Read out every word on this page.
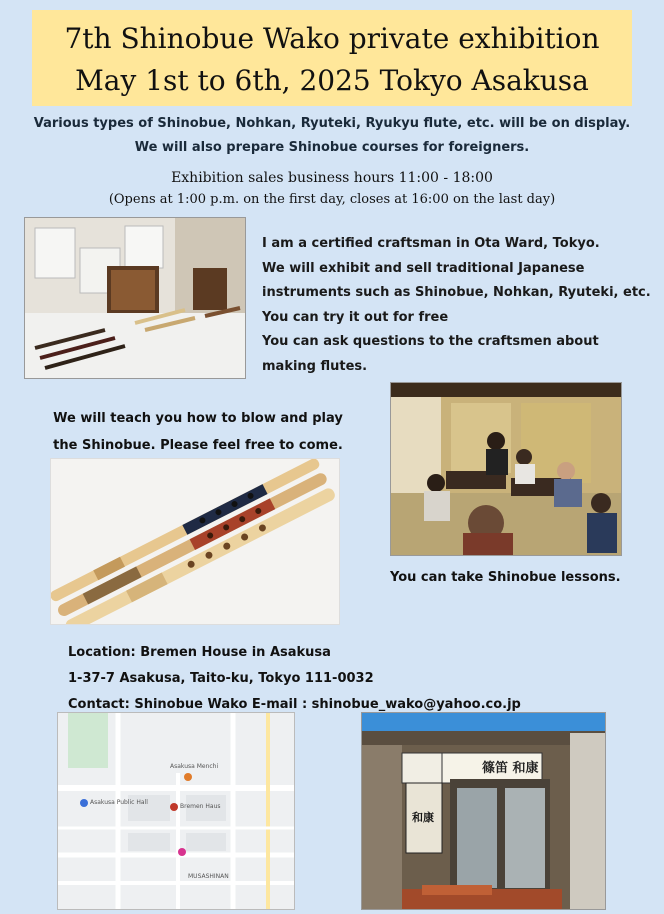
7th Shinobue Wako private exhibition
May 1st to 6th, 2025 Tokyo Asakusa
Various types of Shinobue, Nohkan, Ryuteki, Ryukyu flute, etc. will be on display.
We will also prepare Shinobue courses for foreigners.
Exhibition sales business hours 11:00 - 18:00
(Opens at 1:00 p.m. on the first day, closes at 16:00 on the last day)
I am a certified craftsman in Ota Ward, Tokyo.
We will exhibit and sell traditional Japanese
instruments such as Shinobue, Nohkan, Ryuteki, etc.
You can try it out for free
You can ask questions to the craftsmen about
making flutes.
We will teach you how to blow and play
the Shinobue. Please feel free to come.
You can take Shinobue lessons.
Location: Bremen House in Asakusa
1-37-7 Asakusa, Taito-ku, Tokyo 111-0032
Contact: Shinobue Wako E-mail : shinobue_wako@yahoo.co.jp
Asakusa Menchi
Asakusa Public Hall
Bremen Haus
MUSASHINAN
篠笛 和康
和康
